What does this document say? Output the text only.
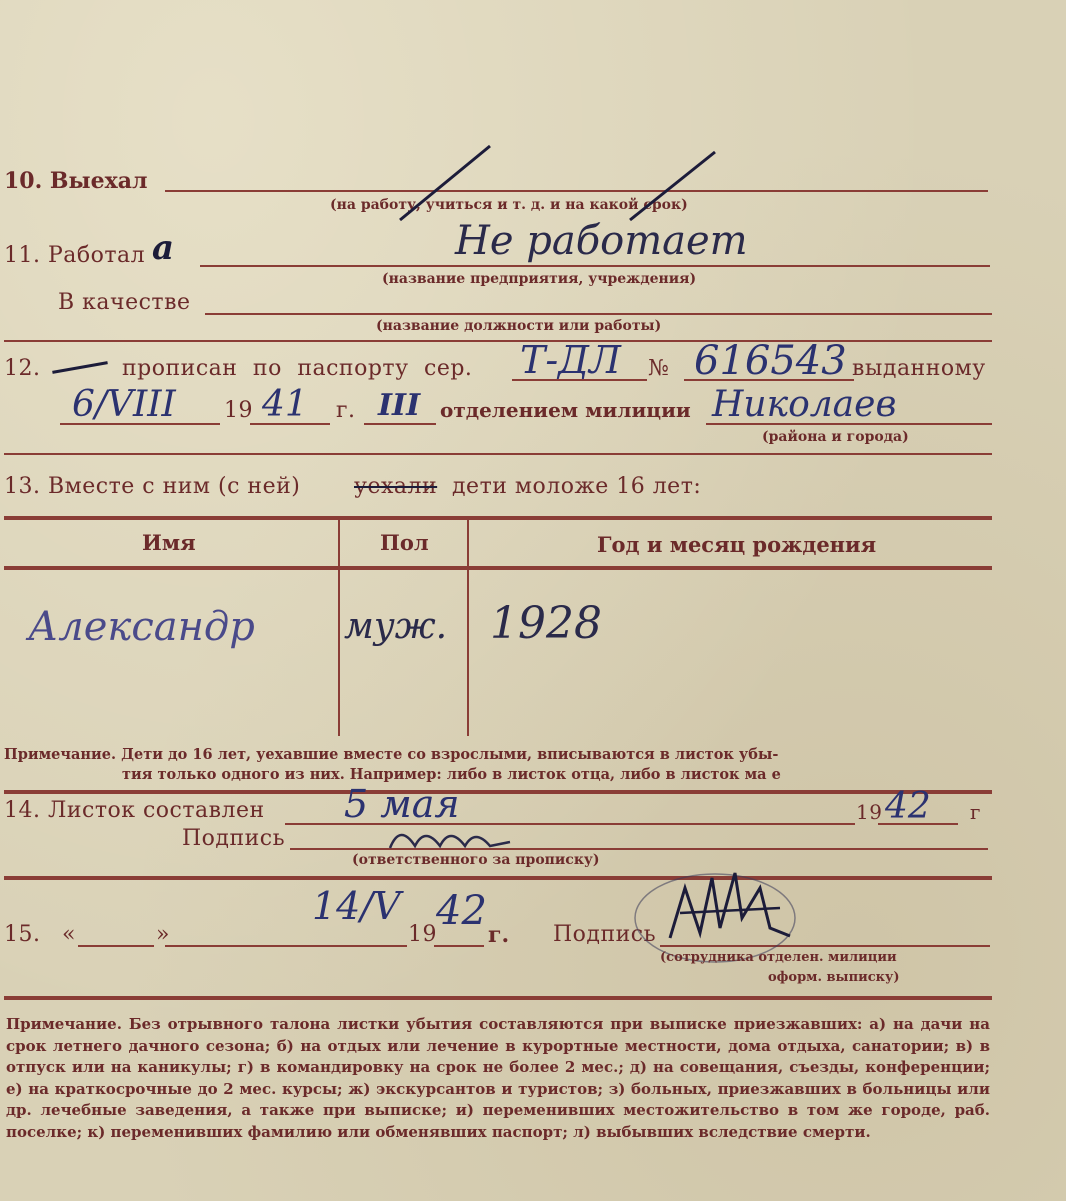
10. Выехал
(на работу, учиться и т. д. и на какой срок)
11. Работал а	Не работает
(название предприятия, учреждения)
В качестве
(название должности или работы)
12.	прописан по паспорту сер. Т-ДЛ № 616543 выданному
6/VIII 19 41 г. III отделением милиции Николаев
(района и города)
13. Вместе с ним (с ней) уехали дети моложе 16 лет:
Имя	Пол	Год и месяц рождения
Александр муж. 1928
Примечание. Дети до 16 лет, уехавшие вместе со взрослыми, вписываются в листок убы-
тия только одного из них. Например: либо в листок отца, либо в листок ма е
14. Листок составлен 5 мая	19 42 г
Подпись
(ответственного за прописку)
15. «	»
14/V
19
42
г. Подпись
(сотрудника отделен. милиции
оформ. выписку)
Примечание. Без отрывного талона листки убытия составляются при выписке приезжавших: а) на дачи на срок летнего дачного сезона; б) на отдых или лечение в курортные местности, дома отдыха, санатории; в) в отпуск или на каникулы; г) в командировку на срок не более 2 мес.; д) на совещания, съезды, конференции; е) на краткосрочные до 2 мес. курсы; ж) экскурсантов и туристов; з) больных, приезжавших в больницы или др. лечебные заведения, а также при выписке; и) переменивших местожительство в том же городе, раб. поселке; к) переменивших фамилию или обменявших паспорт; л) выбывших вследствие смерти.
